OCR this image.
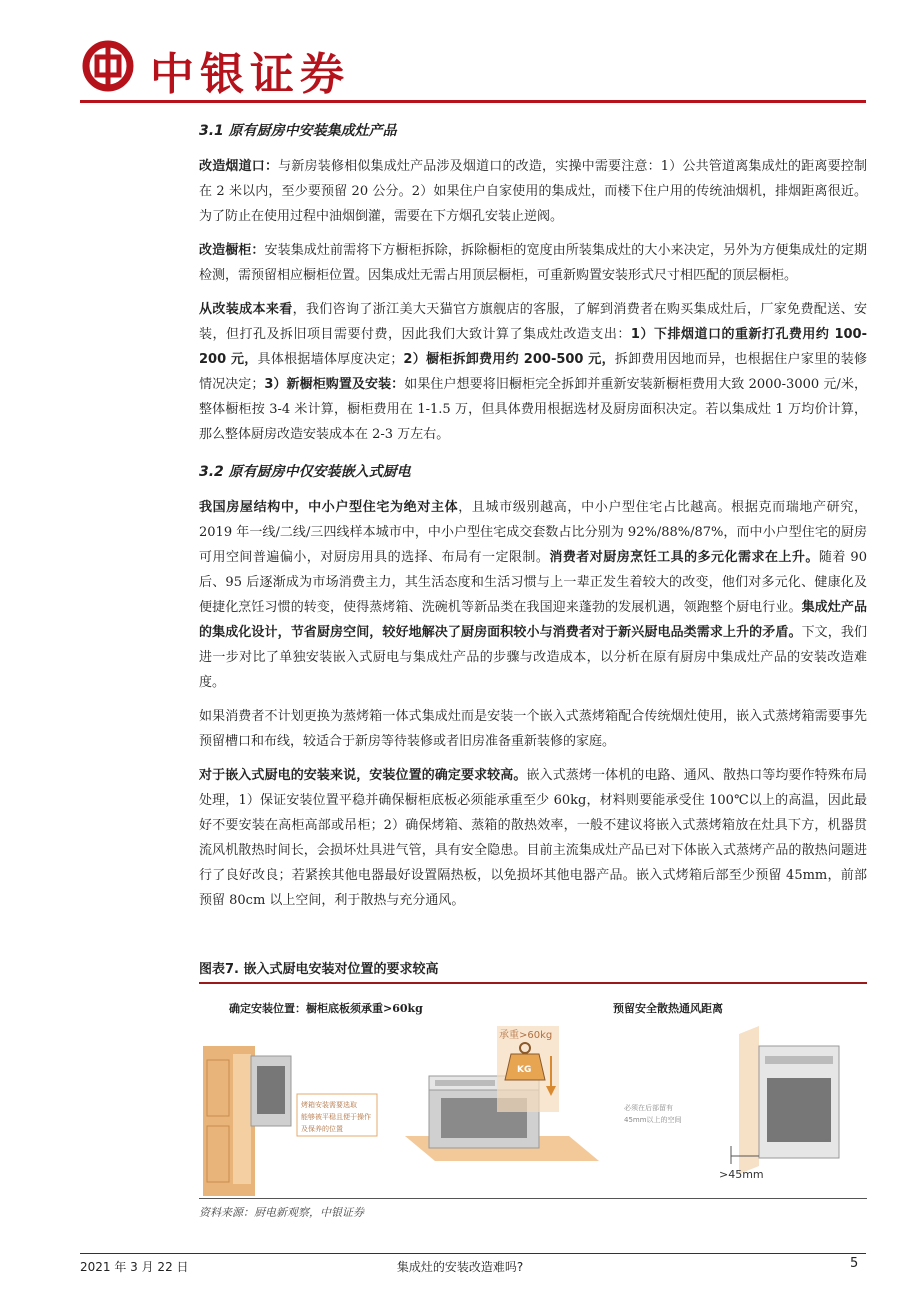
中银证券
3.1 原有厨房中安装集成灶产品

改造烟道口：与新房装修相似集成灶产品涉及烟道口的改造，实操中需要注意：1）公共管道离集成灶的距离要控制在 2 米以内，至少要预留 20 公分。2）如果住户自家使用的集成灶，而楼下住户用的传统油烟机，排烟距离很近。为了防止在使用过程中油烟倒灌，需要在下方烟孔安装止逆阀。

改造橱柜：安装集成灶前需将下方橱柜拆除，拆除橱柜的宽度由所装集成灶的大小来决定，另外为方便集成灶的定期检测，需预留相应橱柜位置。因集成灶无需占用顶层橱柜，可重新购置安装形式尺寸相匹配的顶层橱柜。

从改装成本来看，我们咨询了浙江美大天猫官方旗舰店的客服，了解到消费者在购买集成灶后，厂家免费配送、安装，但打孔及拆旧项目需要付费，因此我们大致计算了集成灶改造支出：1）下排烟道口的重新打孔费用约 100-200 元，具体根据墙体厚度决定；2）橱柜拆卸费用约 200-500 元，拆卸费用因地而异，也根据住户家里的装修情况决定；3）新橱柜购置及安装：如果住户想要将旧橱柜完全拆卸并重新安装新橱柜费用大致 2000-3000 元/米，整体橱柜按 3-4 米计算，橱柜费用在 1-1.5 万，但具体费用根据选材及厨房面积决定。若以集成灶 1 万均价计算，那么整体厨房改造安装成本在 2-3 万左右。

3.2 原有厨房中仅安装嵌入式厨电

我国房屋结构中，中小户型住宅为绝对主体，且城市级别越高，中小户型住宅占比越高。根据克而瑞地产研究，2019 年一线/二线/三四线样本城市中，中小户型住宅成交套数占比分别为 92%/88%/87%，而中小户型住宅的厨房可用空间普遍偏小，对厨房用具的选择、布局有一定限制。消费者对厨房烹饪工具的多元化需求在上升。随着 90 后、95 后逐渐成为市场消费主力，其生活态度和生活习惯与上一辈正发生着较大的改变，他们对多元化、健康化及便捷化烹饪习惯的转变，使得蒸烤箱、洗碗机等新品类在我国迎来蓬勃的发展机遇，领跑整个厨电行业。集成灶产品的集成化设计，节省厨房空间，较好地解决了厨房面积较小与消费者对于新兴厨电品类需求上升的矛盾。下文，我们进一步对比了单独安装嵌入式厨电与集成灶产品的步骤与改造成本，以分析在原有厨房中集成灶产品的安装改造难度。

如果消费者不计划更换为蒸烤箱一体式集成灶而是安装一个嵌入式蒸烤箱配合传统烟灶使用，嵌入式蒸烤箱需要事先预留槽口和布线，较适合于新房等待装修或者旧房准备重新装修的家庭。

对于嵌入式厨电的安装来说，安装位置的确定要求较高。嵌入式蒸烤一体机的电路、通风、散热口等均要作特殊布局处理，1）保证安装位置平稳并确保橱柜底板必须能承重至少 60kg，材料则要能承受住 100℃以上的高温，因此最好不要安装在高柜高部或吊柜；2）确保烤箱、蒸箱的散热效率，一般不建议将嵌入式蒸烤箱放在灶具下方，机器贯流风机散热时间长，会损坏灶具进气管，具有安全隐患。目前主流集成灶产品已对下体嵌入式蒸烤产品的散热问题进行了良好改良；若紧挨其他电器最好设置隔热板，以免损坏其他电器产品。嵌入式烤箱后部至少预留 45mm，前部预留 80cm 以上空间，利于散热与充分通风。

图表7. 嵌入式厨电安装对位置的要求较高
确定安装位置：橱柜底板须承重>60kg	预留安全散热通风距离
烤箱安装需要选取
能够被平稳且便于操作
及保养的位置
承重>60kg
KG
必须在后部留有
45mm以上的空间
>45mm
资料来源：厨电新观察，中银证券
2021 年 3 月 22 日	集成灶的安装改造难吗?	5
